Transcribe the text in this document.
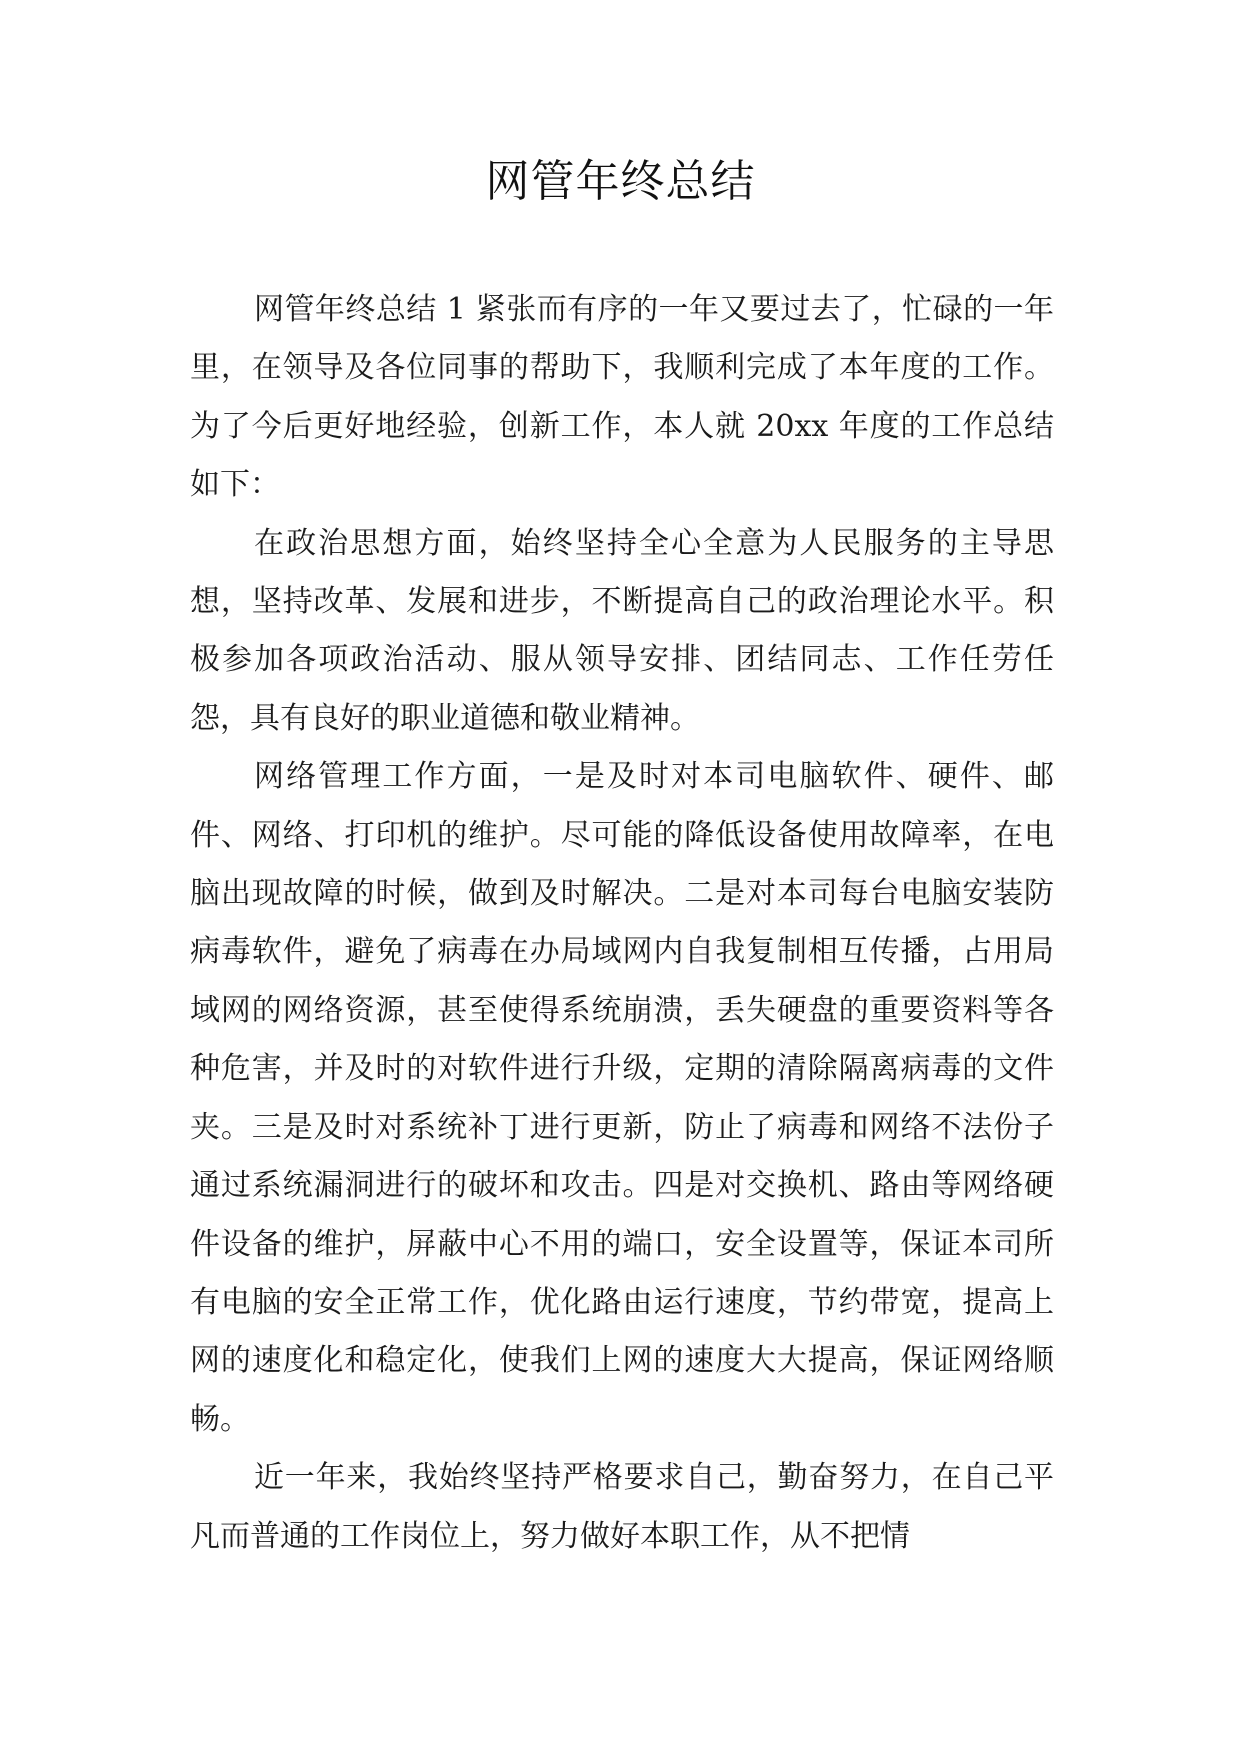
网管年终总结

网管年终总结 1 紧张而有序的一年又要过去了，忙碌的一年里，在领导及各位同事的帮助下，我顺利完成了本年度的工作。为了今后更好地经验，创新工作，本人就 20xx 年度的工作总结如下：

在政治思想方面，始终坚持全心全意为人民服务的主导思想，坚持改革、发展和进步，不断提高自己的政治理论水平。积极参加各项政治活动、服从领导安排、团结同志、工作任劳任怨，具有良好的职业道德和敬业精神。

网络管理工作方面，一是及时对本司电脑软件、硬件、邮件、网络、打印机的维护。尽可能的降低设备使用故障率，在电脑出现故障的时候，做到及时解决。二是对本司每台电脑安装防病毒软件，避免了病毒在办局域网内自我复制相互传播，占用局域网的网络资源，甚至使得系统崩溃，丢失硬盘的重要资料等各种危害，并及时的对软件进行升级，定期的清除隔离病毒的文件夹。三是及时对系统补丁进行更新，防止了病毒和网络不法份子通过系统漏洞进行的破坏和攻击。四是对交换机、路由等网络硬件设备的维护，屏蔽中心不用的端口，安全设置等，保证本司所有电脑的安全正常工作，优化路由运行速度，节约带宽，提高上网的速度化和稳定化，使我们上网的速度大大提高，保证网络顺畅。

近一年来，我始终坚持严格要求自己，勤奋努力，在自己平凡而普通的工作岗位上，努力做好本职工作，从不把情
